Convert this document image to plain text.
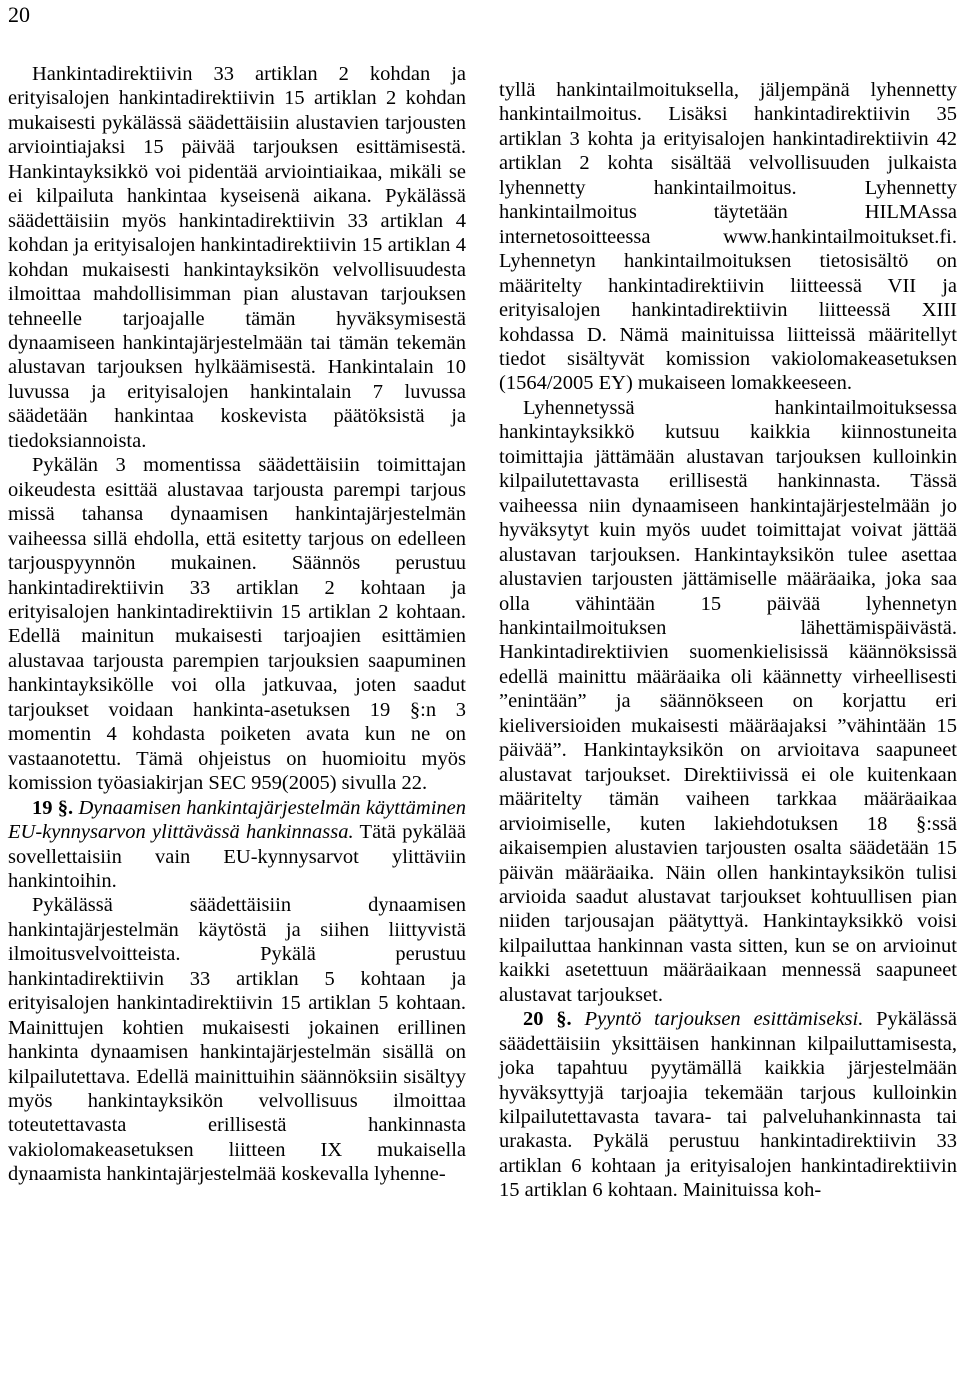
20

Hankintadirektiivin 33 artiklan 2 kohdan ja erityisalojen hankintadirektiivin 15 artiklan 2 kohdan mukaisesti pykälässä säädettäisiin alustavien tarjousten arviointiajaksi 15 päivää tarjouksen esittämisestä. Hankintayksikkö voi pidentää arviointiaikaa, mikäli se ei kilpailuta hankintaa kyseisenä aikana. Pykälässä säädettäisiin myös hankintadirektiivin 33 artiklan 4 kohdan ja erityisalojen hankintadirektiivin 15 artiklan 4 kohdan mukaisesti hankintayksikön velvollisuudesta ilmoittaa mahdollisimman pian alustavan tarjouksen tehneelle tarjoajalle tämän hyväksymisestä dynaamiseen hankintajärjestelmään tai tämän tekemän alustavan tarjouksen hylkäämisestä. Hankintalain 10 luvussa ja erityisalojen hankintalain 7 luvussa säädetään hankintaa koskevista päätöksistä ja tiedoksiannoista.

Pykälän 3 momentissa säädettäisiin toimittajan oikeudesta esittää alustavaa tarjousta parempi tarjous missä tahansa dynaamisen hankintajärjestelmän vaiheessa sillä ehdolla, että esitetty tarjous on edelleen tarjouspyynnön mukainen. Säännös perustuu hankintadirektiivin 33 artiklan 2 kohtaan ja erityisalojen hankintadirektiivin 15 artiklan 2 kohtaan. Edellä mainitun mukaisesti tarjoajien esittämien alustavaa tarjousta parempien tarjouksien saapuminen hankintayksikölle voi olla jatkuvaa, joten saadut tarjoukset voidaan hankinta-asetuksen 19 §:n 3 momentin 4 kohdasta poiketen avata kun ne on vastaanotettu. Tämä ohjeistus on huomioitu myös komission työasiakirjan SEC 959(2005) sivulla 22.

19 §. Dynaamisen hankintajärjestelmän käyttäminen EU-kynnysarvon ylittävässä hankinnassa. Tätä pykälää sovellettaisiin vain EU-kynnysarvot ylittäviin hankintoihin.

Pykälässä säädettäisiin dynaamisen hankintajärjestelmän käytöstä ja siihen liittyvistä ilmoitusvelvoitteista. Pykälä perustuu hankintadirektiivin 33 artiklan 5 kohtaan ja erityisalojen hankintadirektiivin 15 artiklan 5 kohtaan. Mainittujen kohtien mukaisesti jokainen erillinen hankinta dynaamisen hankintajärjestelmän sisällä on kilpailutettava. Edellä mainittuihin säännöksiin sisältyy myös hankintayksikön velvollisuus ilmoittaa toteutettavasta erillisestä hankinnasta vakiolomakeasetuksen liitteen IX mukaisella dynaamista hankintajärjestelmää koskevalla lyhenne-

tyllä hankintailmoituksella, jäljempänä lyhennetty hankintailmoitus. Lisäksi hankintadirektiivin 35 artiklan 3 kohta ja erityisalojen hankintadirektiivin 42 artiklan 2 kohta sisältää velvollisuuden julkaista lyhennetty hankintailmoitus. Lyhennetty hankintailmoitus täytetään HILMAssa internetosoitteessa www.hankintailmoitukset.fi. Lyhennetyn hankintailmoituksen tietosisältö on määritelty hankintadirektiivin liitteessä VII ja erityisalojen hankintadirektiivin liitteessä XIII kohdassa D. Nämä mainituissa liitteissä määritellyt tiedot sisältyvät komission vakiolomakeasetuksen (1564/2005 EY) mukaiseen lomakkeeseen.

Lyhennetyssä hankintailmoituksessa hankintayksikkö kutsuu kaikkia kiinnostuneita toimittajia jättämään alustavan tarjouksen kulloinkin kilpailutettavasta erillisestä hankinnasta. Tässä vaiheessa niin dynaamiseen hankintajärjestelmään jo hyväksytyt kuin myös uudet toimittajat voivat jättää alustavan tarjouksen. Hankintayksikön tulee asettaa alustavien tarjousten jättämiselle määräaika, joka saa olla vähintään 15 päivää lyhennetyn hankintailmoituksen lähettämispäivästä. Hankintadirektiivien suomenkielisissä käännöksissä edellä mainittu määräaika oli käännetty virheellisesti ”enintään” ja säännökseen on korjattu eri kieliversioiden mukaisesti määräajaksi ”vähintään 15 päivää”. Hankintayksikön on arvioitava saapuneet alustavat tarjoukset. Direktiivissä ei ole kuitenkaan määritelty tämän vaiheen tarkkaa määräaikaa arvioimiselle, kuten lakiehdotuksen 18 §:ssä aikaisempien alustavien tarjousten osalta säädetään 15 päivän määräaika. Näin ollen hankintayksikön tulisi arvioida saadut alustavat tarjoukset kohtuullisen pian niiden tarjousajan päätyttyä. Hankintayksikkö voisi kilpailuttaa hankinnan vasta sitten, kun se on arvioinut kaikki asetettuun määräaikaan mennessä saapuneet alustavat tarjoukset.

20 §. Pyyntö tarjouksen esittämiseksi. Pykälässä säädettäisiin yksittäisen hankinnan kilpailuttamisesta, joka tapahtuu pyytämällä kaikkia järjestelmään hyväksyttyjä tarjoajia tekemään tarjous kulloinkin kilpailutettavasta tavara- tai palveluhankinnasta tai urakasta. Pykälä perustuu hankintadirektiivin 33 artiklan 6 kohtaan ja erityisalojen hankintadirektiivin 15 artiklan 6 kohtaan. Mainituissa koh-
